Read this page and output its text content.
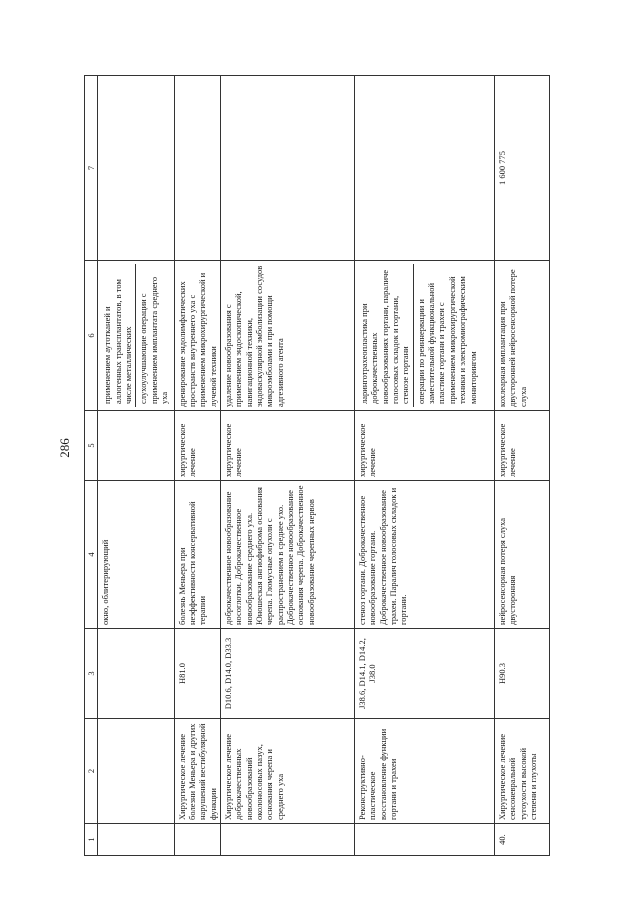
286
1	2	3	4	5	6	7
			окно, облитерирующий		применением аутотканей и аллогенных трансплантатов, в том числе металлических слухоулучшающие операции с применением имплантата среднего уха	

	Хирургическое лечение болезни Меньера и других нарушений вестибулярной функции	H81.0	болезнь Меньера при неэффективности консервативной терапии	хирургическое лечение	дренирование эндолимфатических пространств внутреннего уха с применением микрохирургической и лучевой техники	
	Хирургическое лечение доброкачественных новообразований околоносовых пазух, основания черепа и среднего уха	D10.6, D14.0, D33.3	доброкачественное новообразование носоглотки. Доброкачественное новообразование среднего уха. Юношеская ангиофиброма основания черепа. Гломусные опухоли с распространением в среднее ухо. Доброкачественное новообразование основания черепа. Доброкачественное новообразование черепных нервов	хирургическое лечение	удаление новообразования с применением эндоскопической, навигационной техники, эндоваскулярной эмболизации сосудов микроэмболами и при помощи адгезивного агента	
	Реконструктивно-пластическое восстановление функции гортани и трахеи	J38.6, D14.1, D14.2, J38.0	стеноз гортани. Доброкачественное новообразование гортани. Доброкачественное новообразование трахеи. Паралич голосовых складок и гортани.	хирургическое лечение	ларинготрахеопластика при доброкачественных новообразованиях гортани, параличе голосовых складок и гортани, стенозе гортани операции по реиннервации и заместительной функциональной пластике гортани и трахеи с применением микрохирургической техники и электромиографическим мониторингом	

40.	Хирургическое лечение сенсоневральной тугоухости высокой степени и глухоты	H90.3	нейросенсорная потеря слуха двусторонняя	хирургическое лечение	кохлеарная имплантация при двусторонней нейросенсорной потере слуха	1 600 775
